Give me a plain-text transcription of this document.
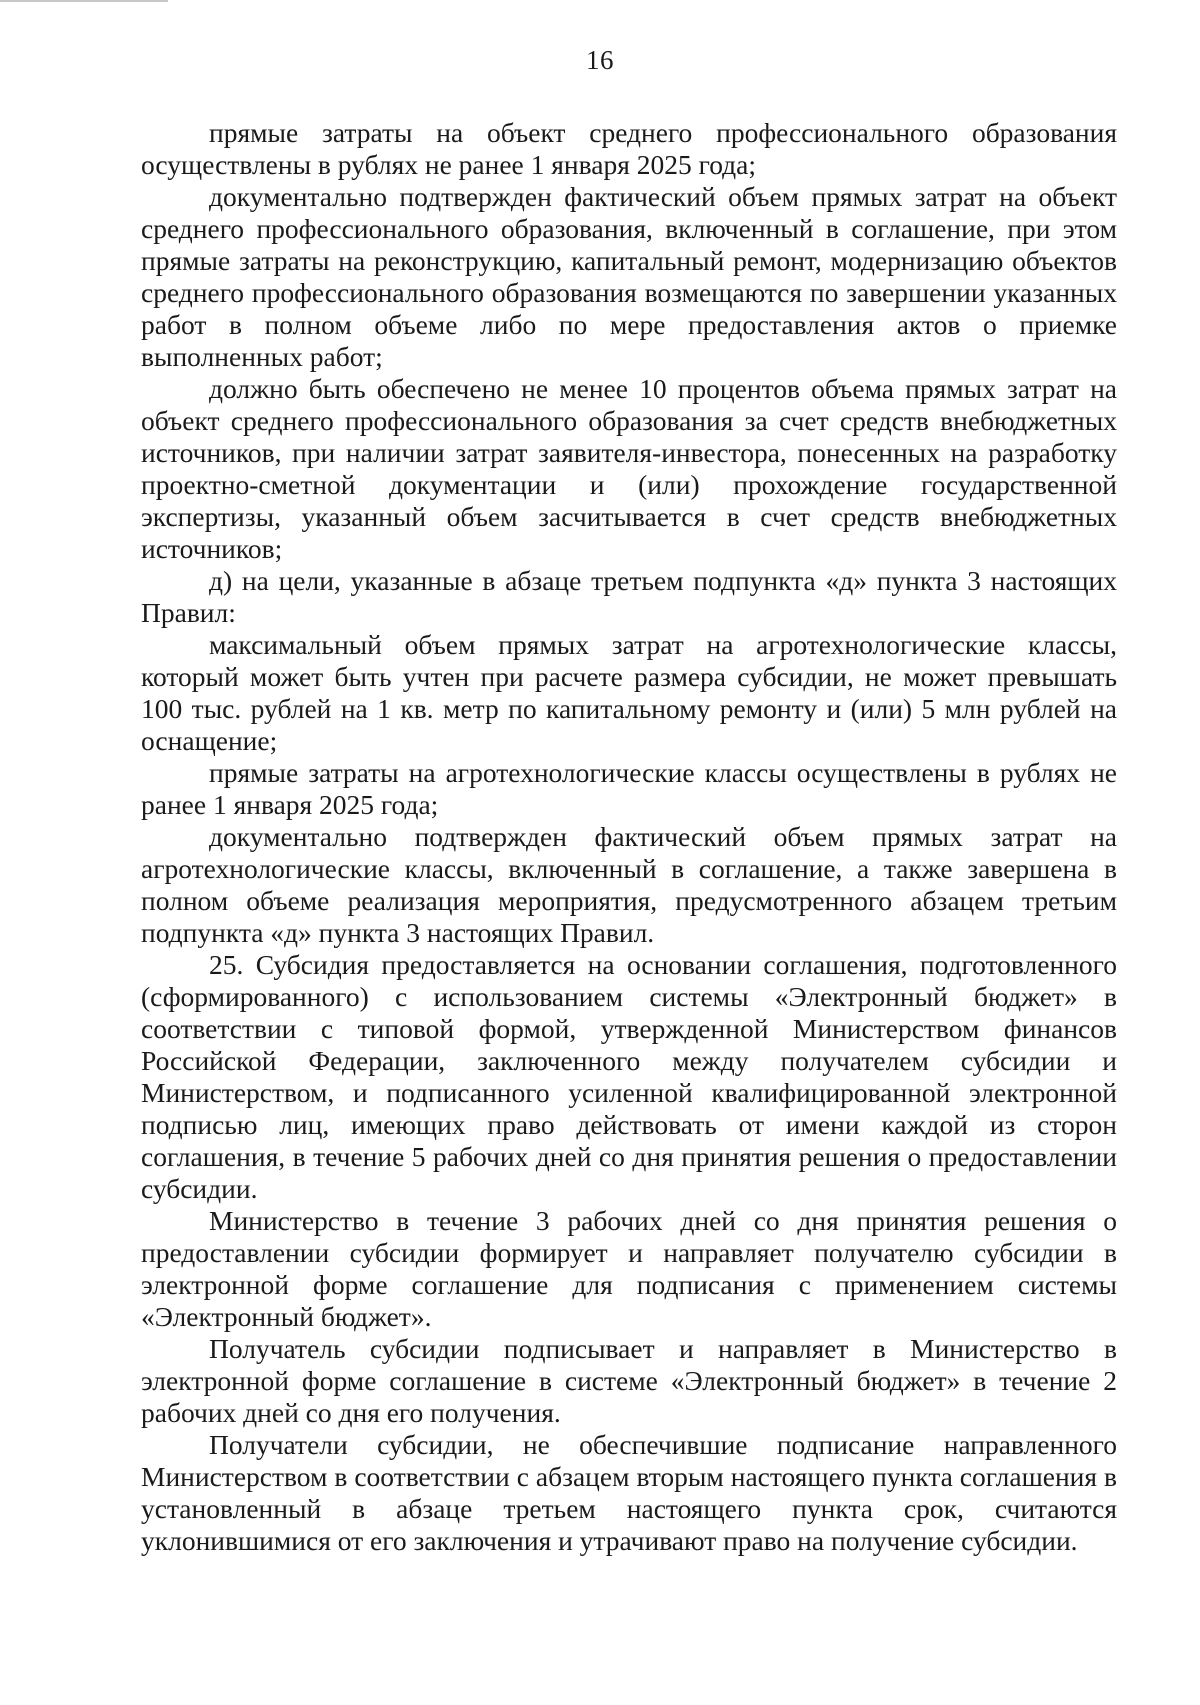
16

прямые затраты на объект среднего профессионального образования осуществлены в рублях не ранее 1 января 2025 года;

документально подтвержден фактический объем прямых затрат на объект среднего профессионального образования, включенный в соглашение, при этом прямые затраты на реконструкцию, капитальный ремонт, модернизацию объектов среднего профессионального образования возмещаются по завершении указанных работ в полном объеме либо по мере предоставления актов о приемке выполненных работ;

должно быть обеспечено не менее 10 процентов объема прямых затрат на объект среднего профессионального образования за счет средств внебюджетных источников, при наличии затрат заявителя-инвестора, понесенных на разработку проектно-сметной документации и (или) прохождение государственной экспертизы, указанный объем засчитывается в счет средств внебюджетных источников;

д) на цели, указанные в абзаце третьем подпункта «д» пункта 3 настоящих Правил:

максимальный объем прямых затрат на агротехнологические классы, который может быть учтен при расчете размера субсидии, не может превышать 100 тыс. рублей на 1 кв. метр по капитальному ремонту и (или) 5 млн рублей на оснащение;

прямые затраты на агротехнологические классы осуществлены в рублях не ранее 1 января 2025 года;

документально подтвержден фактический объем прямых затрат на агротехнологические классы, включенный в соглашение, а также завершена в полном объеме реализация мероприятия, предусмотренного абзацем третьим подпункта «д» пункта 3 настоящих Правил.

25. Субсидия предоставляется на основании соглашения, подготовленного (сформированного) с использованием системы «Электронный бюджет» в соответствии с типовой формой, утвержденной Министерством финансов Российской Федерации, заключенного между получателем субсидии и Министерством, и подписанного усиленной квалифицированной электронной подписью лиц, имеющих право действовать от имени каждой из сторон соглашения, в течение 5 рабочих дней со дня принятия решения о предоставлении субсидии.

Министерство в течение 3 рабочих дней со дня принятия решения о предоставлении субсидии формирует и направляет получателю субсидии в электронной форме соглашение для подписания с применением системы «Электронный бюджет».

Получатель субсидии подписывает и направляет в Министерство в электронной форме соглашение в системе «Электронный бюджет» в течение 2 рабочих дней со дня его получения.

Получатели субсидии, не обеспечившие подписание направленного Министерством в соответствии с абзацем вторым настоящего пункта соглашения в установленный в абзаце третьем настоящего пункта срок, считаются уклонившимися от его заключения и утрачивают право на получение субсидии.
